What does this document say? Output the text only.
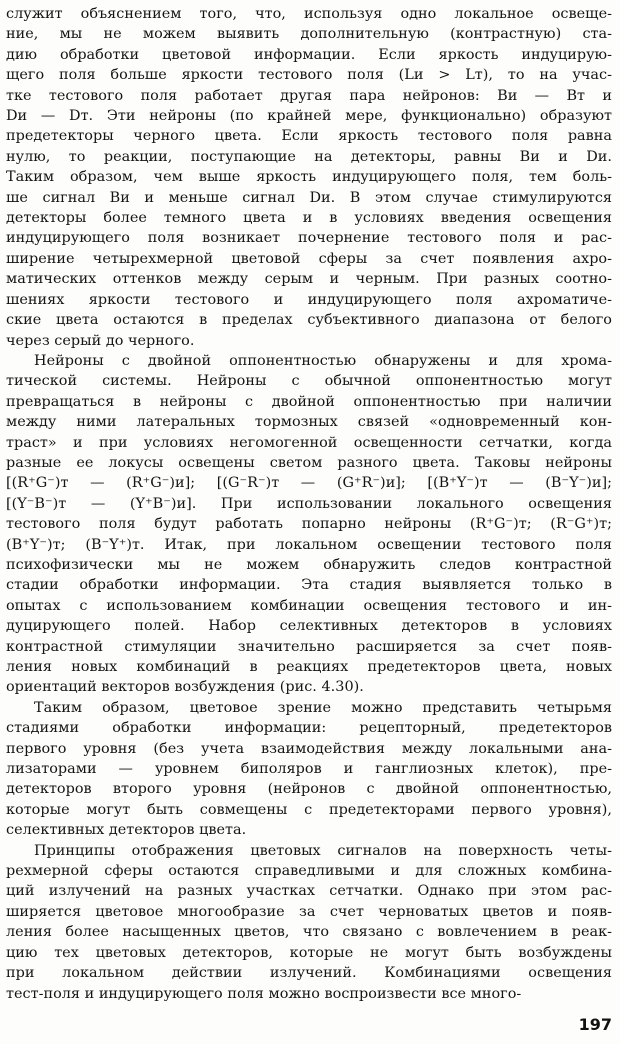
служит объяснением того, что, используя одно локальное освеще-
ние, мы не можем выявить дополнительную (контрастную) ста-
дию обработки цветовой информации. Если яркость индуцирую-
щего поля больше яркости тестового поля (Lи > Lт), то на учас-
тке тестового поля работает другая пара нейронов: Bи — Bт и
Dи — Dт. Эти нейроны (по крайней мере, функционально) образуют
предетекторы черного цвета. Если яркость тестового поля равна
нулю, то реакции, поступающие на детекторы, равны Bи и Dи.
Таким образом, чем выше яркость индуцирующего поля, тем боль-
ше сигнал Bи и меньше сигнал Dи. В этом случае стимулируются
детекторы более темного цвета и в условиях введения освещения
индуцирующего поля возникает почернение тестового поля и рас-
ширение четырехмерной цветовой сферы за счет появления ахро-
матических оттенков между серым и черным. При разных соотно-
шениях яркости тестового и индуцирующего поля ахроматиче-
ские цвета остаются в пределах субъективного диапазона от белого
через серый до черного.
Нейроны с двойной оппонентностью обнаружены и для хрома-
тической системы. Нейроны с обычной оппонентностью могут
превращаться в нейроны с двойной оппонентностью при наличии
между ними латеральных тормозных связей «одновременный кон-
траст» и при условиях негомогенной освещенности сетчатки, когда
разные ее локусы освещены светом разного цвета. Таковы нейроны
[(R⁺G⁻)т — (R⁺G⁻)и]; [(G⁻R⁻)т — (G⁺R⁻)и]; [(B⁺Y⁻)т — (B⁻Y⁻)и];
[(Y⁻B⁻)т — (Y⁺B⁻)и]. При использовании локального освещения
тестового поля будут работать попарно нейроны (R⁺G⁻)т; (R⁻G⁺)т;
(B⁺Y⁻)т; (B⁻Y⁺)т. Итак, при локальном освещении тестового поля
психофизически мы не можем обнаружить следов контрастной
стадии обработки информации. Эта стадия выявляется только в
опытах с использованием комбинации освещения тестового и ин-
дуцирующего полей. Набор селективных детекторов в условиях
контрастной стимуляции значительно расширяется за счет появ-
ления новых комбинаций в реакциях предетекторов цвета, новых
ориентаций векторов возбуждения (рис. 4.30).
Таким образом, цветовое зрение можно представить четырьмя
стадиями обработки информации: рецепторный, предетекторов
первого уровня (без учета взаимодействия между локальными ана-
лизаторами — уровнем биполяров и ганглиозных клеток), пре-
детекторов второго уровня (нейронов с двойной оппонентностью,
которые могут быть совмещены с предетекторами первого уровня),
селективных детекторов цвета.
Принципы отображения цветовых сигналов на поверхность четы-
рехмерной сферы остаются справедливыми и для сложных комбина-
ций излучений на разных участках сетчатки. Однако при этом рас-
ширяется цветовое многообразие за счет черноватых цветов и появ-
ления более насыщенных цветов, что связано с вовлечением в реак-
цию тех цветовых детекторов, которые не могут быть возбуждены
при локальном действии излучений. Комбинациями освещения
тест-поля и индуцирующего поля можно воспроизвести все много-
197
